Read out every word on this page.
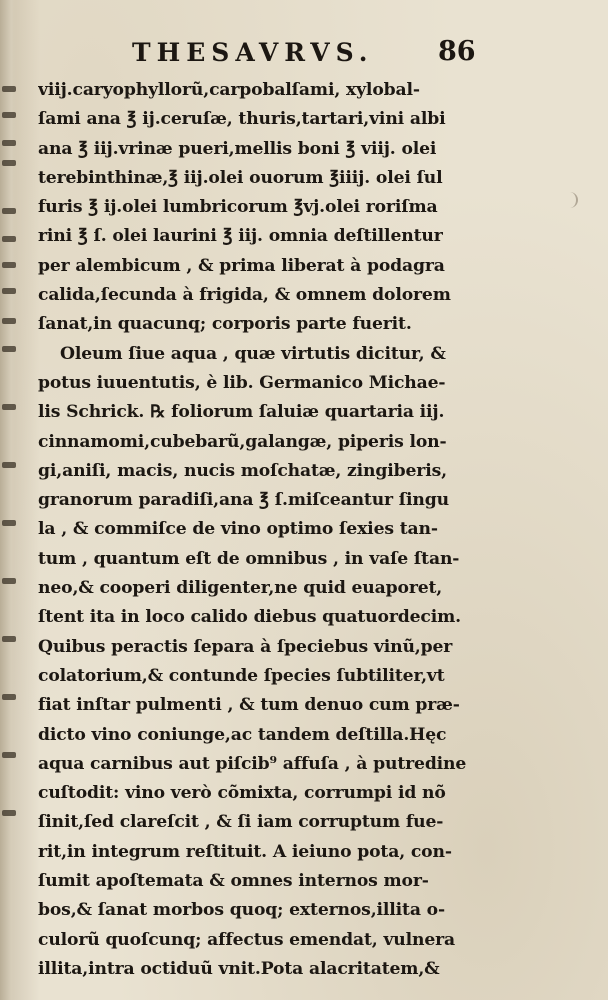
THESAVRVS. 86
viij.caryophyllorũ,carpobalſami, xylobal-
ſami ana ℥ ij.ceruſæ, thuris,tartari,vini albi
ana ℥ iij.vrinæ pueri,mellis boni ℥ viij. olei
terebinthinæ,℥ iij.olei ouorum ℥iiij. olei ſul
furis ℥ ij.olei lumbricorum ℥vj.olei roriſma
rini ℥ ſ. olei laurini ℥ iij. omnia deſtillentur
per alembicum , & prima liberat à podagra
calida,ſecunda à frigida, & omnem dolorem
ſanat,in quacunq; corporis parte fuerit.
Oleum ſiue aqua , quæ virtutis dicitur, &
potus iuuentutis, è lib. Germanico Michae-
lis Schrick. ℞ foliorum ſaluiæ quartaria iij.
cinnamomi,cubebarũ,galangæ, piperis lon-
gi,aniſi, macis, nucis moſchatæ, zingiberis,
granorum paradiſi,ana ℥ ſ.miſceantur ſingu
la , & commiſce de vino optimo ſexies tan-
tum , quantum eſt de omnibus , in vaſe ſtan-
neo,& cooperi diligenter,ne quid euaporet,
ſtent ita in loco calido diebus quatuordecim.
Quibus peractis ſepara à ſpeciebus vinũ,per
colatorium,& contunde ſpecies ſubtiliter,vt
fiat inſtar pulmenti , & tum denuo cum præ-
dicto vino coniunge,ac tandem deſtilla.Hęc
aqua carnibus aut piſcib⁹ affuſa , à putredine
cuſtodit: vino verò cõmixta, corrumpi id nõ
ſinit,ſed clareſcit , & ſi iam corruptum fue-
rit,in integrum reſtituit. A ieiuno pota, con-
ſumit apoſtemata & omnes internos mor-
bos,& ſanat morbos quoq; externos,illita o-
culorũ quoſcunq; affectus emendat, vulnera
illita,intra octiduũ vnit.Pota alacritatem,&
